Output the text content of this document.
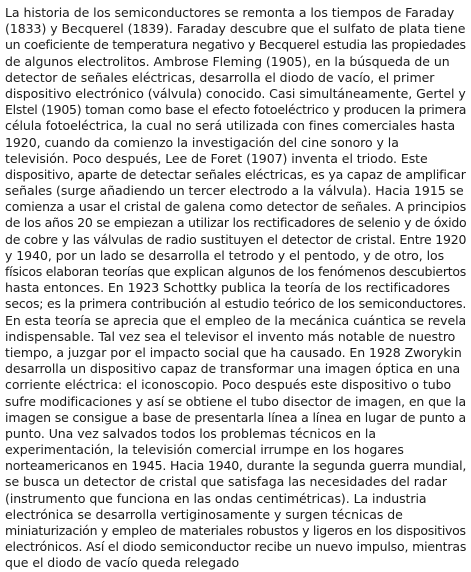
La historia de los semiconductores se remonta a los tiempos de Faraday
(1833) y Becquerel (1839). Faraday descubre que el sulfato de plata tiene
un coeficiente de temperatura negativo y Becquerel estudia las propiedades
de algunos electrolitos. Ambrose Fleming (1905), en la búsqueda de un
detector de señales eléctricas, desarrolla el diodo de vacío, el primer
dispositivo electrónico (válvula) conocido. Casi simultáneamente, Gertel y
Elstel (1905) toman como base el efecto fotoeléctrico y producen la primera
célula fotoeléctrica, la cual no será utilizada con fines comerciales hasta
1920, cuando da comienzo la investigación del cine sonoro y la
televisión. Poco después, Lee de Foret (1907) inventa el triodo. Este
dispositivo, aparte de detectar señales eléctricas, es ya capaz de amplificar
señales (surge añadiendo un tercer electrodo a la válvula). Hacia 1915 se
comienza a usar el cristal de galena como detector de señales. A principios
de los años 20 se empiezan a utilizar los rectificadores de selenio y de óxido
de cobre y las válvulas de radio sustituyen el detector de cristal. Entre 1920
y 1940, por un lado se desarrolla el tetrodo y el pentodo, y de otro, los
físicos elaboran teorías que explican algunos de los fenómenos descubiertos
hasta entonces. En 1923 Schottky publica la teoría de los rectificadores
secos; es la primera contribución al estudio teórico de los semiconductores.
En esta teoría se aprecia que el empleo de la mecánica cuántica se revela
indispensable. Tal vez sea el televisor el invento más notable de nuestro
tiempo, a juzgar por el impacto social que ha causado. En 1928 Zworykin
desarrolla un dispositivo capaz de transformar una imagen óptica en una
corriente eléctrica: el iconoscopio. Poco después este dispositivo o tubo
sufre modificaciones y así se obtiene el tubo disector de imagen, en que la
imagen se consigue a base de presentarla línea a línea en lugar de punto a
punto. Una vez salvados todos los problemas técnicos en la
experimentación, la televisión comercial irrumpe en los hogares
norteamericanos en 1945. Hacia 1940, durante la segunda guerra mundial,
se busca un detector de cristal que satisfaga las necesidades del radar
(instrumento que funciona en las ondas centimétricas). La industria
electrónica se desarrolla vertiginosamente y surgen técnicas de
miniaturización y empleo de materiales robustos y ligeros en los dispositivos
electrónicos. Así el diodo semiconductor recibe un nuevo impulso, mientras
que el diodo de vacío queda relegado
